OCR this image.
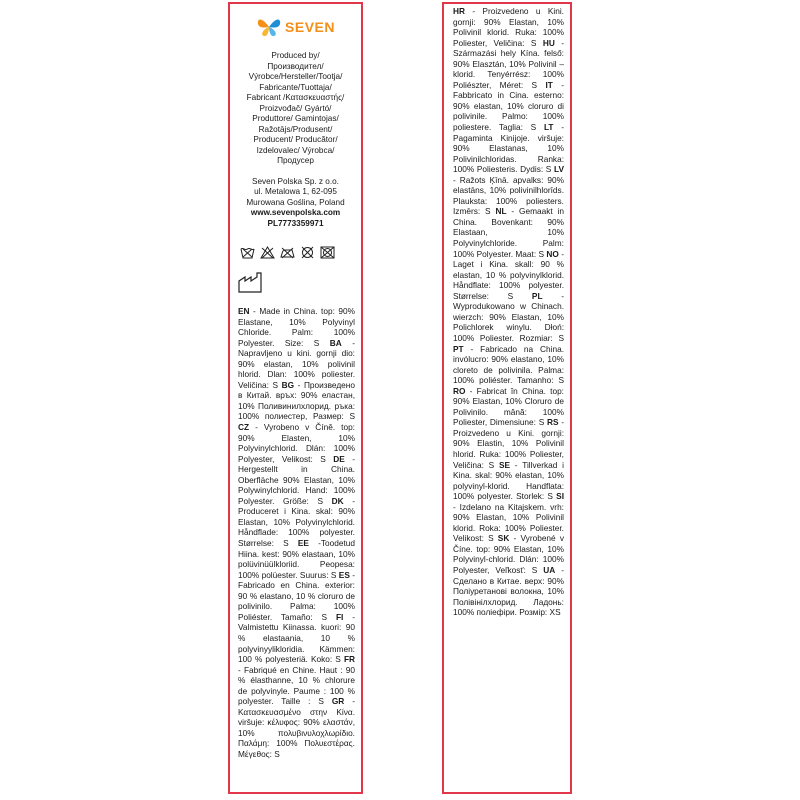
SEVEN
Produced by/
Производител/
Výrobce/Hersteller/Tootja/
Fabricante/Tuottaja/
Fabricant /Κατασκευαστής/
Proizvođač/ Gyártó/
Produttore/ Gamintojas/
Ražotājs/Produsent/
Producent/ Producător/
Izdelovalec/ Výrobca/
Продусер
Seven Polska Sp. z o.o.
ul. Metalowa 1, 62-095
Murowana Goślina, Poland
www.sevenpolska.com
PL7773359971
EN - Made in China. top: 90% Elastane, 10% Polyvinyl Chloride. Palm: 100% Polyester. Size: S BA - Napravljeno u kini. gornji dio: 90% elastan, 10% polivinil hlorid. Dlan: 100% poliester. Veličina: S BG - Произведено в Китай. връх: 90% еластан, 10% Поливинилхлорид. ръка: 100% полиестер, Размер: S CZ - Vyrobeno v Číně. top: 90% Elasten, 10% Polyvinylchlorid. Dlán: 100% Polyester, Velikost: S DE - Hergestellt in China. Oberfläche 90% Elastan, 10% Polywinylchlorid. Hand: 100% Polyester. Größe: S DK - Produceret i Kina. skal: 90% Elastan, 10% Polyvinylchlorid. Håndflade: 100% polyester. Størrelse: S EE -Toodetud Hiina. kest: 90% elastaan, 10% polüvinüülkloriid. Peopesa: 100% polüester. Suurus: S ES - Fabricado en China. exterior: 90 % elastano, 10 % cloruro de polivinilo. Palma: 100% Poliéster. Tamaño: S FI - Valmistettu Kiinassa. kuori: 90 % elastaania, 10 % polyvinyylikloridia. Kämmen: 100 % polyesteriä. Koko: S FR - Fabriqué en Chine. Haut : 90 % élasthanne, 10 % chlorure de polyvinyle. Paume : 100 % polyester. Taille : S GR - Κατασκευασμένο στην Κίνα. viršuje: κέλυφος: 90% ελαστάν, 10% πολυβινυλοχλωρίδιο. Παλάμη: 100% Πολυεστέρας. Μέγεθος: S
HR - Proizvedeno u Kini. gornji: 90% Elastan, 10% Polivinil klorid. Ruka: 100% Poliester, Veličina: S HU - Származási hely Kína. felső: 90% Elasztán, 10% Polivinil – klorid. Tenyérrész: 100% Poliészter, Méret: S IT - Fabbricato in Cina. esterno: 90% elastan, 10% cloruro di polivinile. Palmo: 100% poliestere. Taglia: S LT - Pagaminta Kinijoje. viršuje: 90% Elastanas, 10% Polivinilchloridas. Ranka: 100% Poliesteris. Dydis: S LV - Ražots Ķīnā. apvalks: 90% elastāns, 10% polivinilhlorīds. Plaukstа: 100% poliesters. Izmērs: S NL - Gemaakt in China. Bovenkant: 90% Elastaan, 10% Polyvinylchloride. Palm: 100% Polyester. Maat: S NO - Laget i Kina. skall: 90 % elastan, 10 % polyvinylklorid. Håndflate: 100% polyester. Størrelse: S PL - Wyprodukowano w Chinach. wierzch: 90% Elastan, 10% Polichlorek winylu. Dłoń: 100% Poliester. Rozmiar: S PT - Fabricado na China. invólucro: 90% elastano, 10% cloreto de polivinila. Palma: 100% poliéster. Tamanho: S RO - Fabricat în China. top: 90% Elastan, 10% Cloruro de Polivinilo. mână: 100% Poliester, Dimensiune: S RS - Proizvedeno u Kini. gornji: 90% Elastin, 10% Polivinil hlorid. Ruka: 100% Poliester, Veličina: S SE - Tillverkad i Kina. skal: 90% elastan, 10% polyvinyl-klorid. Handflata: 100% polyester. Storlek: S SI - Izdelano na Kitajskem. vrh: 90% Elastan, 10% Polivinil klorid. Roka: 100% Poliester. Velikost: S SK - Vyrobené v Číne. top: 90% Elastan, 10% Polyvinyl-chlorid. Dlán: 100% Polyester, Veľkosť: S UA - Сделано в Китае. верх: 90% Поліуретанові волокна, 10% Полівінілхлорид. Ладонь: 100% поліефіри. Розмір: XS
